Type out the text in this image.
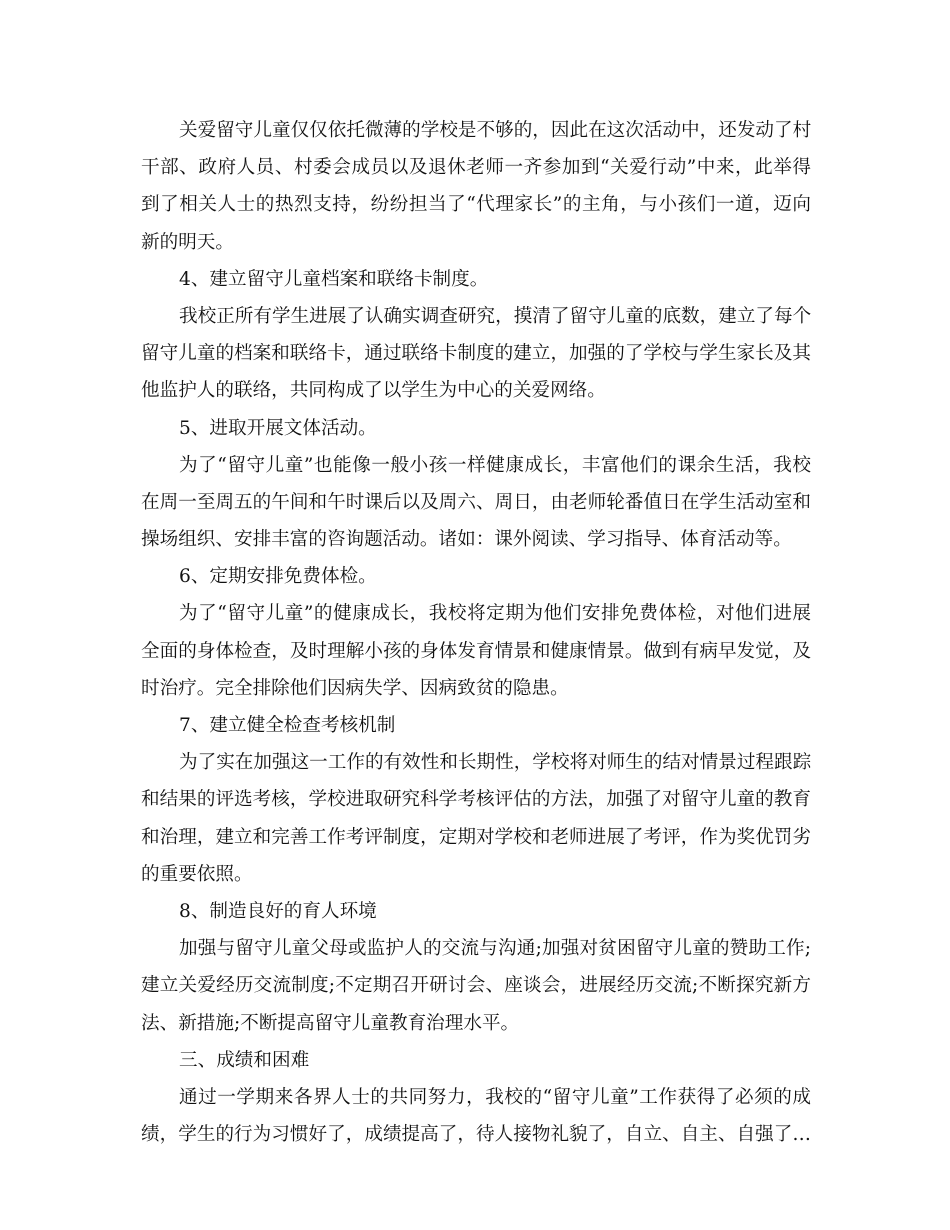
关爱留守儿童仅仅依托微薄的学校是不够的，因此在这次活动中，还发动了村
干部、政府人员、村委会成员以及退休老师一齐参加到“关爱行动”中来，此举得
到了相关人士的热烈支持，纷纷担当了“代理家长”的主角，与小孩们一道，迈向
新的明天。
4、建立留守儿童档案和联络卡制度。
我校正所有学生进展了认确实调查研究，摸清了留守儿童的底数，建立了每个
留守儿童的档案和联络卡，通过联络卡制度的建立，加强的了学校与学生家长及其
他监护人的联络，共同构成了以学生为中心的关爱网络。
5、进取开展文体活动。
为了“留守儿童”也能像一般小孩一样健康成长，丰富他们的课余生活，我校
在周一至周五的午间和午时课后以及周六、周日，由老师轮番值日在学生活动室和
操场组织、安排丰富的咨询题活动。诸如：课外阅读、学习指导、体育活动等。
6、定期安排免费体检。
为了“留守儿童”的健康成长，我校将定期为他们安排免费体检，对他们进展
全面的身体检查，及时理解小孩的身体发育情景和健康情景。做到有病早发觉，及
时治疗。完全排除他们因病失学、因病致贫的隐患。
7、建立健全检查考核机制
为了实在加强这一工作的有效性和长期性，学校将对师生的结对情景过程跟踪
和结果的评选考核，学校进取研究科学考核评估的方法，加强了对留守儿童的教育
和治理，建立和完善工作考评制度，定期对学校和老师进展了考评，作为奖优罚劣
的重要依照。
8、制造良好的育人环境
加强与留守儿童父母或监护人的交流与沟通;加强对贫困留守儿童的赞助工作;
建立关爱经历交流制度;不定期召开研讨会、座谈会，进展经历交流;不断探究新方
法、新措施;不断提高留守儿童教育治理水平。
三、成绩和困难
通过一学期来各界人士的共同努力，我校的“留守儿童”工作获得了必须的成
绩，学生的行为习惯好了，成绩提高了，待人接物礼貌了，自立、自主、自强了…
